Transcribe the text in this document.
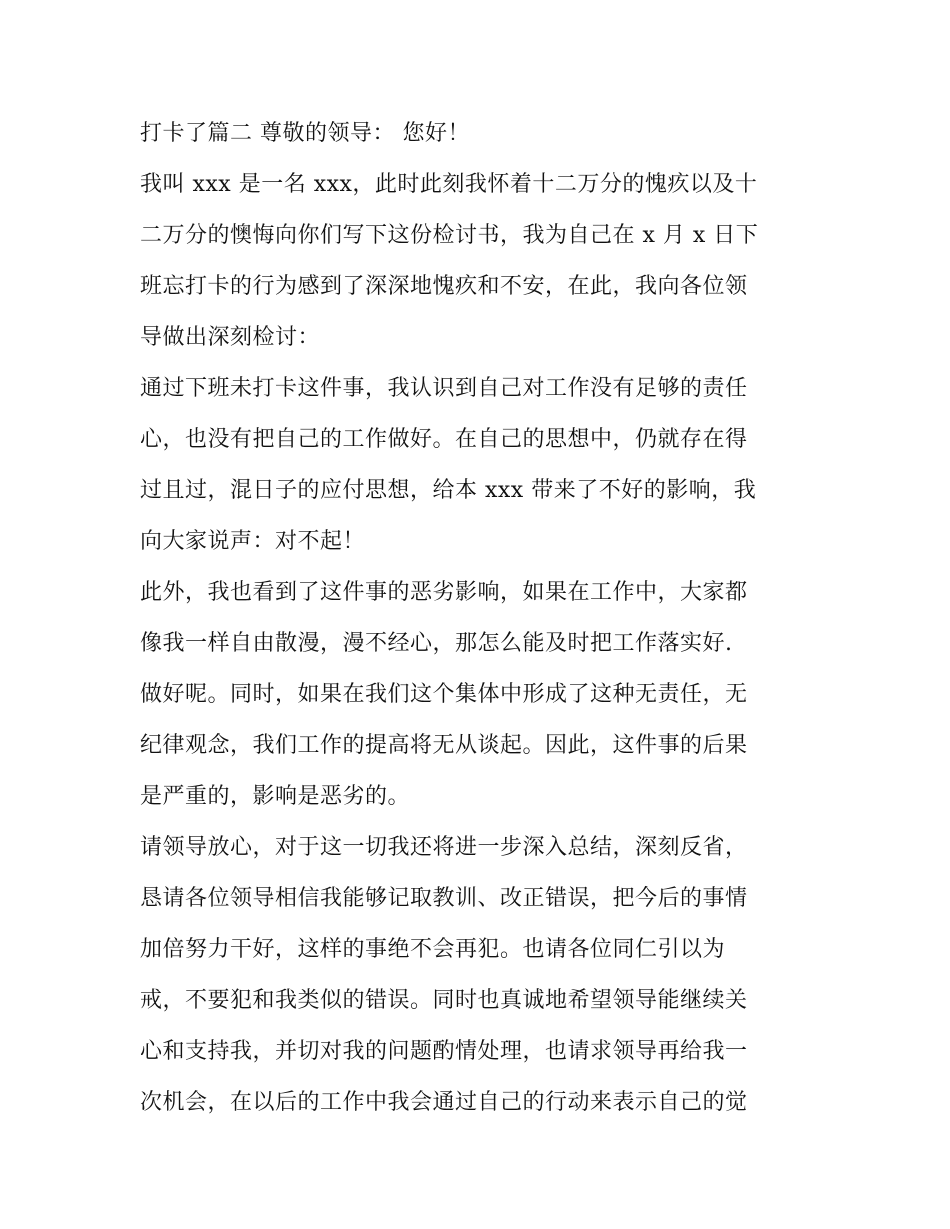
打卡了篇二 尊敬的领导： 您好！
我叫 xxx 是一名 xxx，此时此刻我怀着十二万分的愧疚以及十
二万分的懊悔向你们写下这份检讨书，我为自己在 x 月 x 日下
班忘打卡的行为感到了深深地愧疚和不安，在此，我向各位领
导做出深刻检讨：
通过下班未打卡这件事，我认识到自己对工作没有足够的责任
心，也没有把自己的工作做好。在自己的思想中，仍就存在得
过且过，混日子的应付思想，给本 xxx 带来了不好的影响，我
向大家说声：对不起！
此外，我也看到了这件事的恶劣影响，如果在工作中，大家都
像我一样自由散漫，漫不经心，那怎么能及时把工作落实好.
做好呢。同时，如果在我们这个集体中形成了这种无责任，无
纪律观念，我们工作的提高将无从谈起。因此，这件事的后果
是严重的，影响是恶劣的。
请领导放心，对于这一切我还将进一步深入总结，深刻反省，
恳请各位领导相信我能够记取教训、改正错误，把今后的事情
加倍努力干好，这样的事绝不会再犯。也请各位同仁引以为
戒，不要犯和我类似的错误。同时也真诚地希望领导能继续关
心和支持我，并切对我的问题酌情处理，也请求领导再给我一
次机会，在以后的工作中我会通过自己的行动来表示自己的觉
